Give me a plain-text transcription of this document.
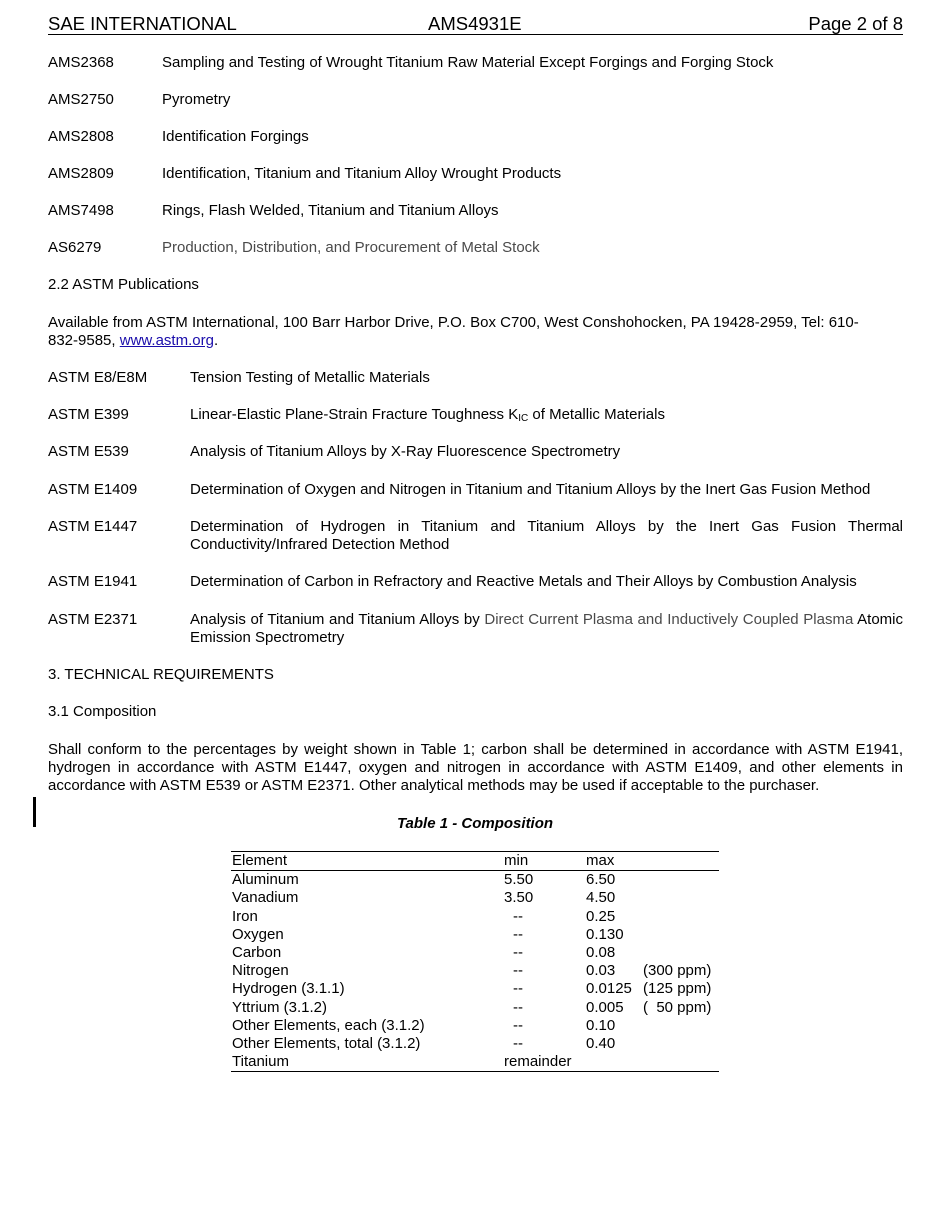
SAE INTERNATIONAL	AMS4931E	Page 2 of 8
AMS2368	Sampling and Testing of Wrought Titanium Raw Material Except Forgings and Forging Stock
AMS2750	Pyrometry
AMS2808	Identification Forgings
AMS2809	Identification, Titanium and Titanium Alloy Wrought Products
AMS7498	Rings, Flash Welded, Titanium and Titanium Alloys
AS6279	Production, Distribution, and Procurement of Metal Stock
2.2 ASTM Publications
Available from ASTM International, 100 Barr Harbor Drive, P.O. Box C700, West Conshohocken, PA 19428-2959, Tel: 610-
832-9585, www.astm.org.
ASTM E8/E8M	Tension Testing of Metallic Materials
ASTM E399	Linear-Elastic Plane-Strain Fracture Toughness $K_{IC}$ of Metallic Materials
ASTM E539	Analysis of Titanium Alloys by X-Ray Fluorescence Spectrometry
ASTM E1409	Determination of Oxygen and Nitrogen in Titanium and Titanium Alloys by the Inert Gas Fusion Method
ASTM E1447	Determination of Hydrogen in Titanium and Titanium Alloys by the Inert Gas Fusion Thermal Conductivity/Infrared Detection Method
ASTM E1941	Determination of Carbon in Refractory and Reactive Metals and Their Alloys by Combustion Analysis
ASTM E2371	Analysis of Titanium and Titanium Alloys by Direct Current Plasma and Inductively Coupled Plasma Atomic Emission Spectrometry
3. TECHNICAL REQUIREMENTS
3.1 Composition
Shall conform to the percentages by weight shown in Table 1; carbon shall be determined in accordance with ASTM E1941, hydrogen in accordance with ASTM E1447, oxygen and nitrogen in accordance with ASTM E1409, and other elements in accordance with ASTM E539 or ASTM E2371. Other analytical methods may be used if acceptable to the purchaser.
Table 1 - Composition
Element	min	max
Aluminum	5.50	6.50
Vanadium	3.50	4.50
Iron	--	0.25
Oxygen	--	0.130
Carbon	--	0.08
Nitrogen	--	0.03 (300 ppm)
Hydrogen (3.1.1)	--	0.0125 (125 ppm)
Yttrium (3.1.2)	--	0.005 (  50 ppm)
Other Elements, each (3.1.2)	--	0.10
Other Elements, total (3.1.2)	--	0.40
Titanium	remainder
